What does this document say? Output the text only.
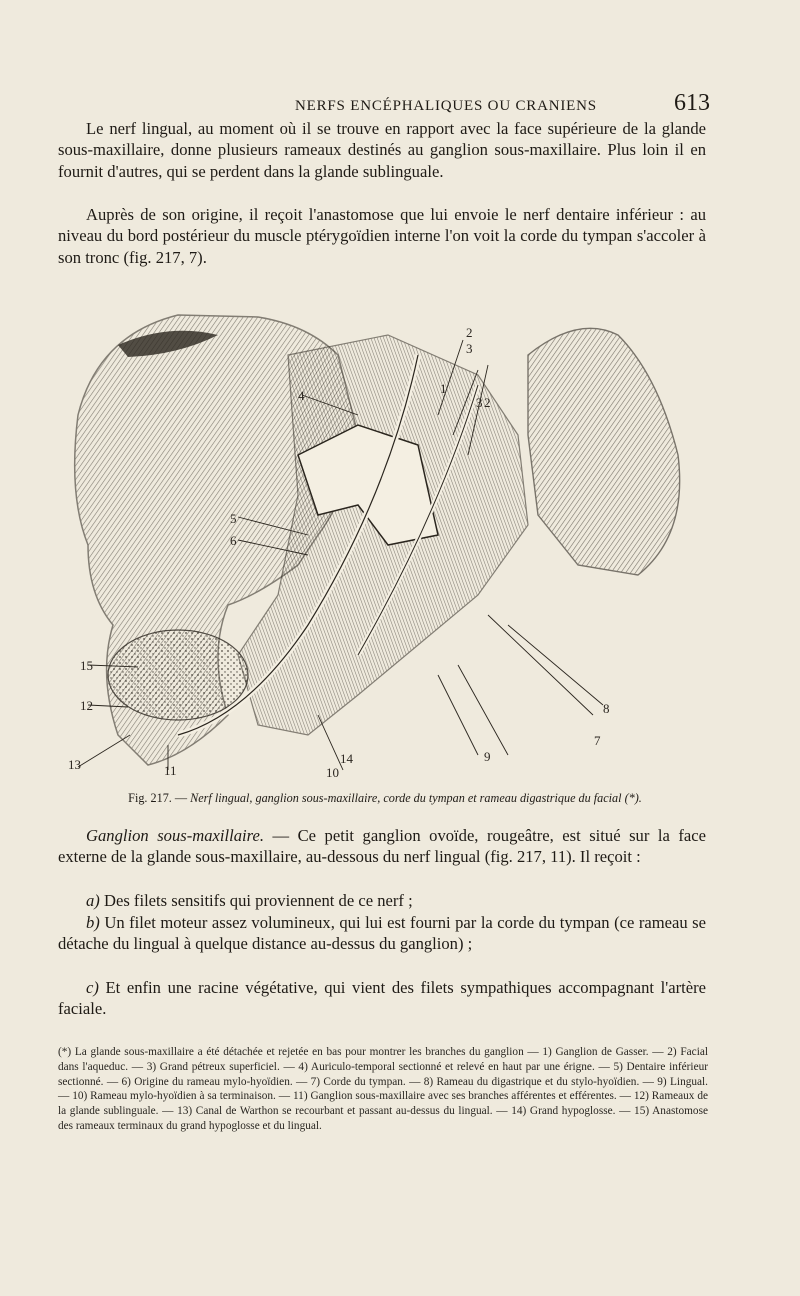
NERFS ENCÉPHALIQUES OU CRANIENS	613

Le nerf lingual, au moment où il se trouve en rapport avec la face supérieure de la glande sous-maxillaire, donne plusieurs rameaux destinés au ganglion sous-maxillaire. Plus loin il en fournit d'autres, qui se perdent dans la glande sublinguale.

Auprès de son origine, il reçoit l'anastomose que lui envoie le nerf dentaire inférieur : au niveau du bord postérieur du muscle ptérygoïdien interne l'on voit la corde du tympan s'accoler à son tronc (fig. 217, 7).

2
3
1
3 2
4
5
6
15
12
13	11	10
14	9
7
8
Fig. 217. — Nerf lingual, ganglion sous-maxillaire, corde du tympan et rameau digastrique du facial (*).

Ganglion sous-maxillaire. — Ce petit ganglion ovoïde, rougeâtre, est situé sur la face externe de la glande sous-maxillaire, au-dessous du nerf lingual (fig. 217, 11). Il reçoit :

a) Des filets sensitifs qui proviennent de ce nerf ;

b) Un filet moteur assez volumineux, qui lui est fourni par la corde du tympan (ce rameau se détache du lingual à quelque distance au-dessus du ganglion) ;

c) Et enfin une racine végétative, qui vient des filets sympathiques accompagnant l'artère faciale.

(*) La glande sous-maxillaire a été détachée et rejetée en bas pour montrer les branches du ganglion — 1) Ganglion de Gasser. — 2) Facial dans l'aqueduc. — 3) Grand pétreux superficiel. — 4) Auriculo-temporal sectionné et relevé en haut par une érigne. — 5) Dentaire inférieur sectionné. — 6) Origine du rameau mylo-hyoïdien. — 7) Corde du tympan. — 8) Rameau du digastrique et du stylo-hyoïdien. — 9) Lingual. — 10) Rameau mylo-hyoïdien à sa terminaison. — 11) Ganglion sous-maxillaire avec ses branches afférentes et efférentes. — 12) Rameaux de la glande sublinguale. — 13) Canal de Warthon se recourbant et passant au-dessus du lingual. — 14) Grand hypoglosse. — 15) Anastomose des rameaux terminaux du grand hypoglosse et du lingual.
